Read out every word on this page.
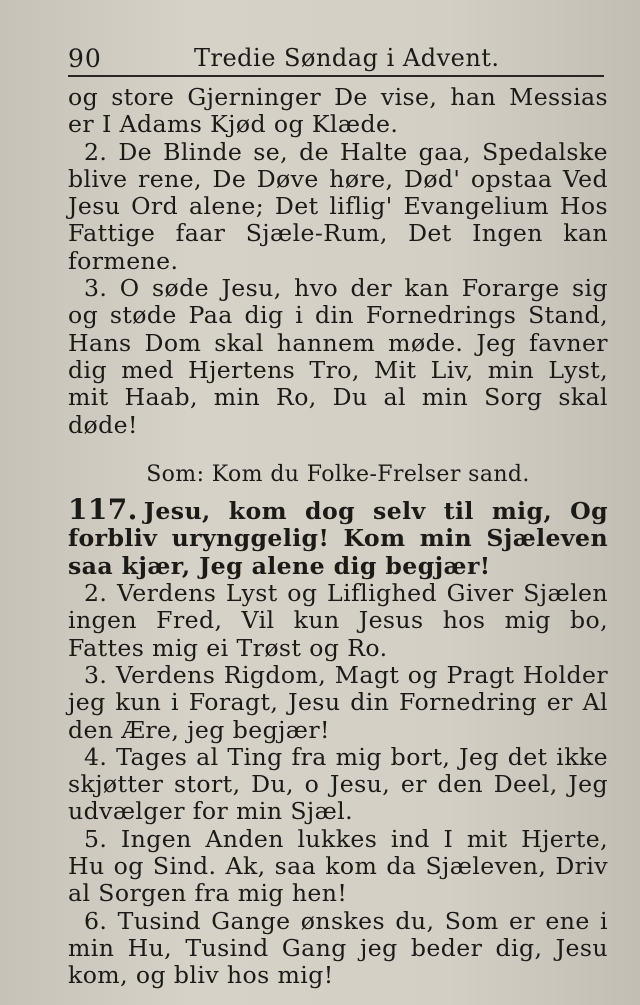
90	Tredie Søndag i Advent.

og store Gjerninger De vise, han Messias er I Adams Kjød og Klæde.

2. De Blinde se, de Halte gaa, Spedalske blive rene, De Døve høre, Død' opstaa Ved Jesu Ord alene; Det liflig' Evangelium Hos Fattige faar Sjæle-Rum, Det Ingen kan formene.

3. O søde Jesu, hvo der kan Forarge sig og støde Paa dig i din Fornedrings Stand, Hans Dom skal hannem møde. Jeg favner dig med Hjertens Tro, Mit Liv, min Lyst, mit Haab, min Ro, Du al min Sorg skal døde!

Som: Kom du Folke-Frelser sand.

117. Jesu, kom dog selv til mig, Og forbliv urynggelig! Kom min Sjæleven saa kjær, Jeg alene dig begjær!

2. Verdens Lyst og Liflighed Giver Sjælen ingen Fred, Vil kun Jesus hos mig bo, Fattes mig ei Trøst og Ro.

3. Verdens Rigdom, Magt og Pragt Holder jeg kun i Foragt, Jesu din Fornedring er Al den Ære, jeg begjær!

4. Tages al Ting fra mig bort, Jeg det ikke skjøtter stort, Du, o Jesu, er den Deel, Jeg udvælger for min Sjæl.

5. Ingen Anden lukkes ind I mit Hjerte, Hu og Sind. Ak, saa kom da Sjæleven, Driv al Sorgen fra mig hen!

6. Tusind Gange ønskes du, Som er ene i min Hu, Tusind Gang jeg beder dig, Jesu kom, og bliv hos mig!
